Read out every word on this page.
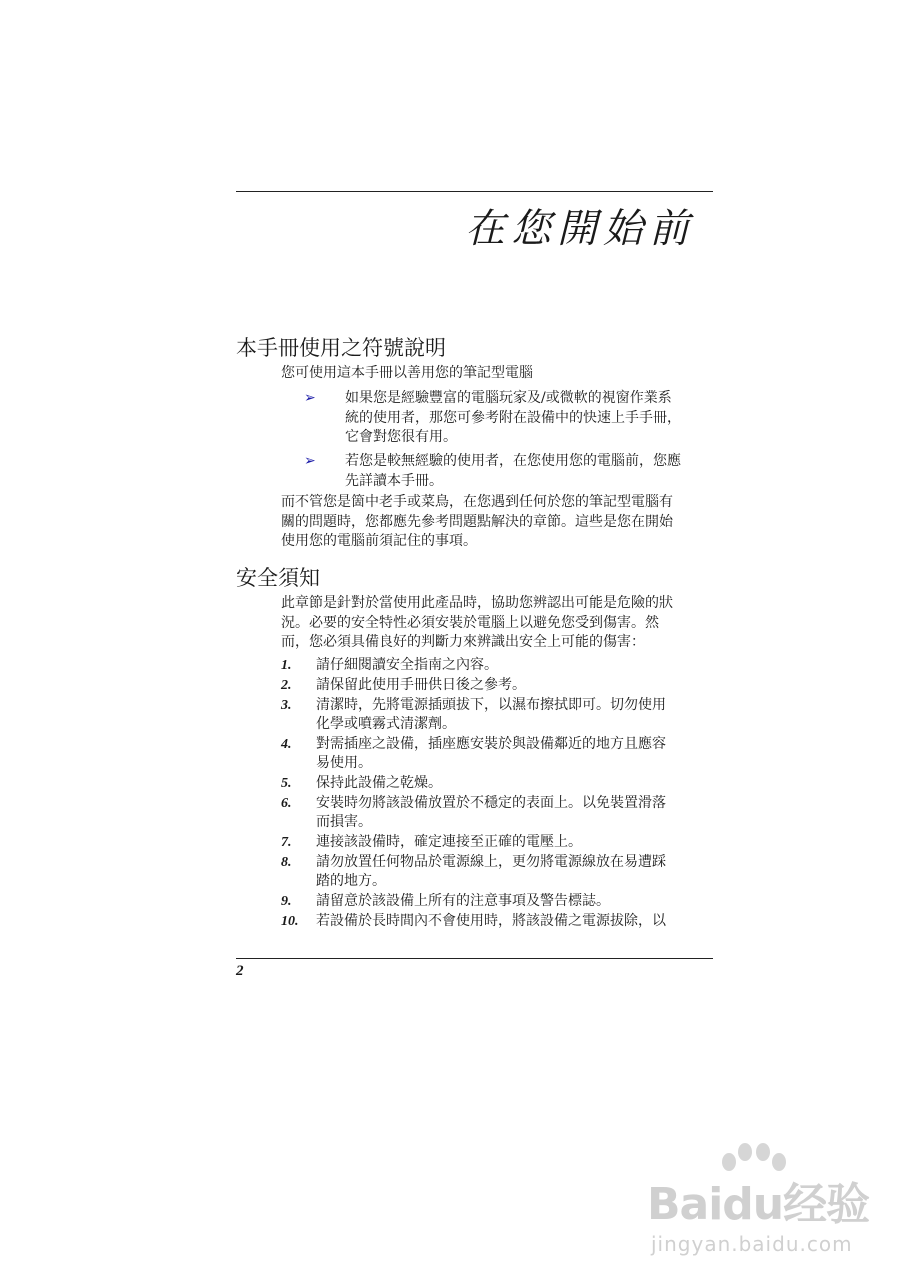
在您開始前
本手冊使用之符號說明

您可使用這本手冊以善用您的筆記型電腦

➢ 如果您是經驗豐富的電腦玩家及/或微軟的視窗作業系
統的使用者，那您可參考附在設備中的快速上手手冊，
它會對您很有用。
➢ 若您是較無經驗的使用者，在您使用您的電腦前，您應
先詳讀本手冊。
而不管您是箇中老手或菜鳥，在您遇到任何於您的筆記型電腦有
關的問題時，您都應先參考問題點解決的章節。這些是您在開始
使用您的電腦前須記住的事項。
安全須知
此章節是針對於當使用此產品時，協助您辨認出可能是危險的狀
況。必要的安全特性必須安裝於電腦上以避免您受到傷害。然
而，您必須具備良好的判斷力來辨識出安全上可能的傷害：
1. 請仔細閱讀安全指南之內容。
2. 請保留此使用手冊供日後之參考。
3. 清潔時，先將電源插頭拔下，以濕布擦拭即可。切勿使用
化學或噴霧式清潔劑。
4. 對需插座之設備，插座應安裝於與設備鄰近的地方且應容
易使用。
5. 保持此設備之乾燥。
6. 安裝時勿將該設備放置於不穩定的表面上。以免裝置滑落
而損害。
7. 連接該設備時，確定連接至正確的電壓上。
8. 請勿放置任何物品於電源線上，更勿將電源線放在易遭踩
踏的地方。
9. 請留意於該設備上所有的注意事項及警告標誌。
10. 若設備於長時間內不會使用時，將該設備之電源拔除，以
2
Baidu经验
jingyan.baidu.com
